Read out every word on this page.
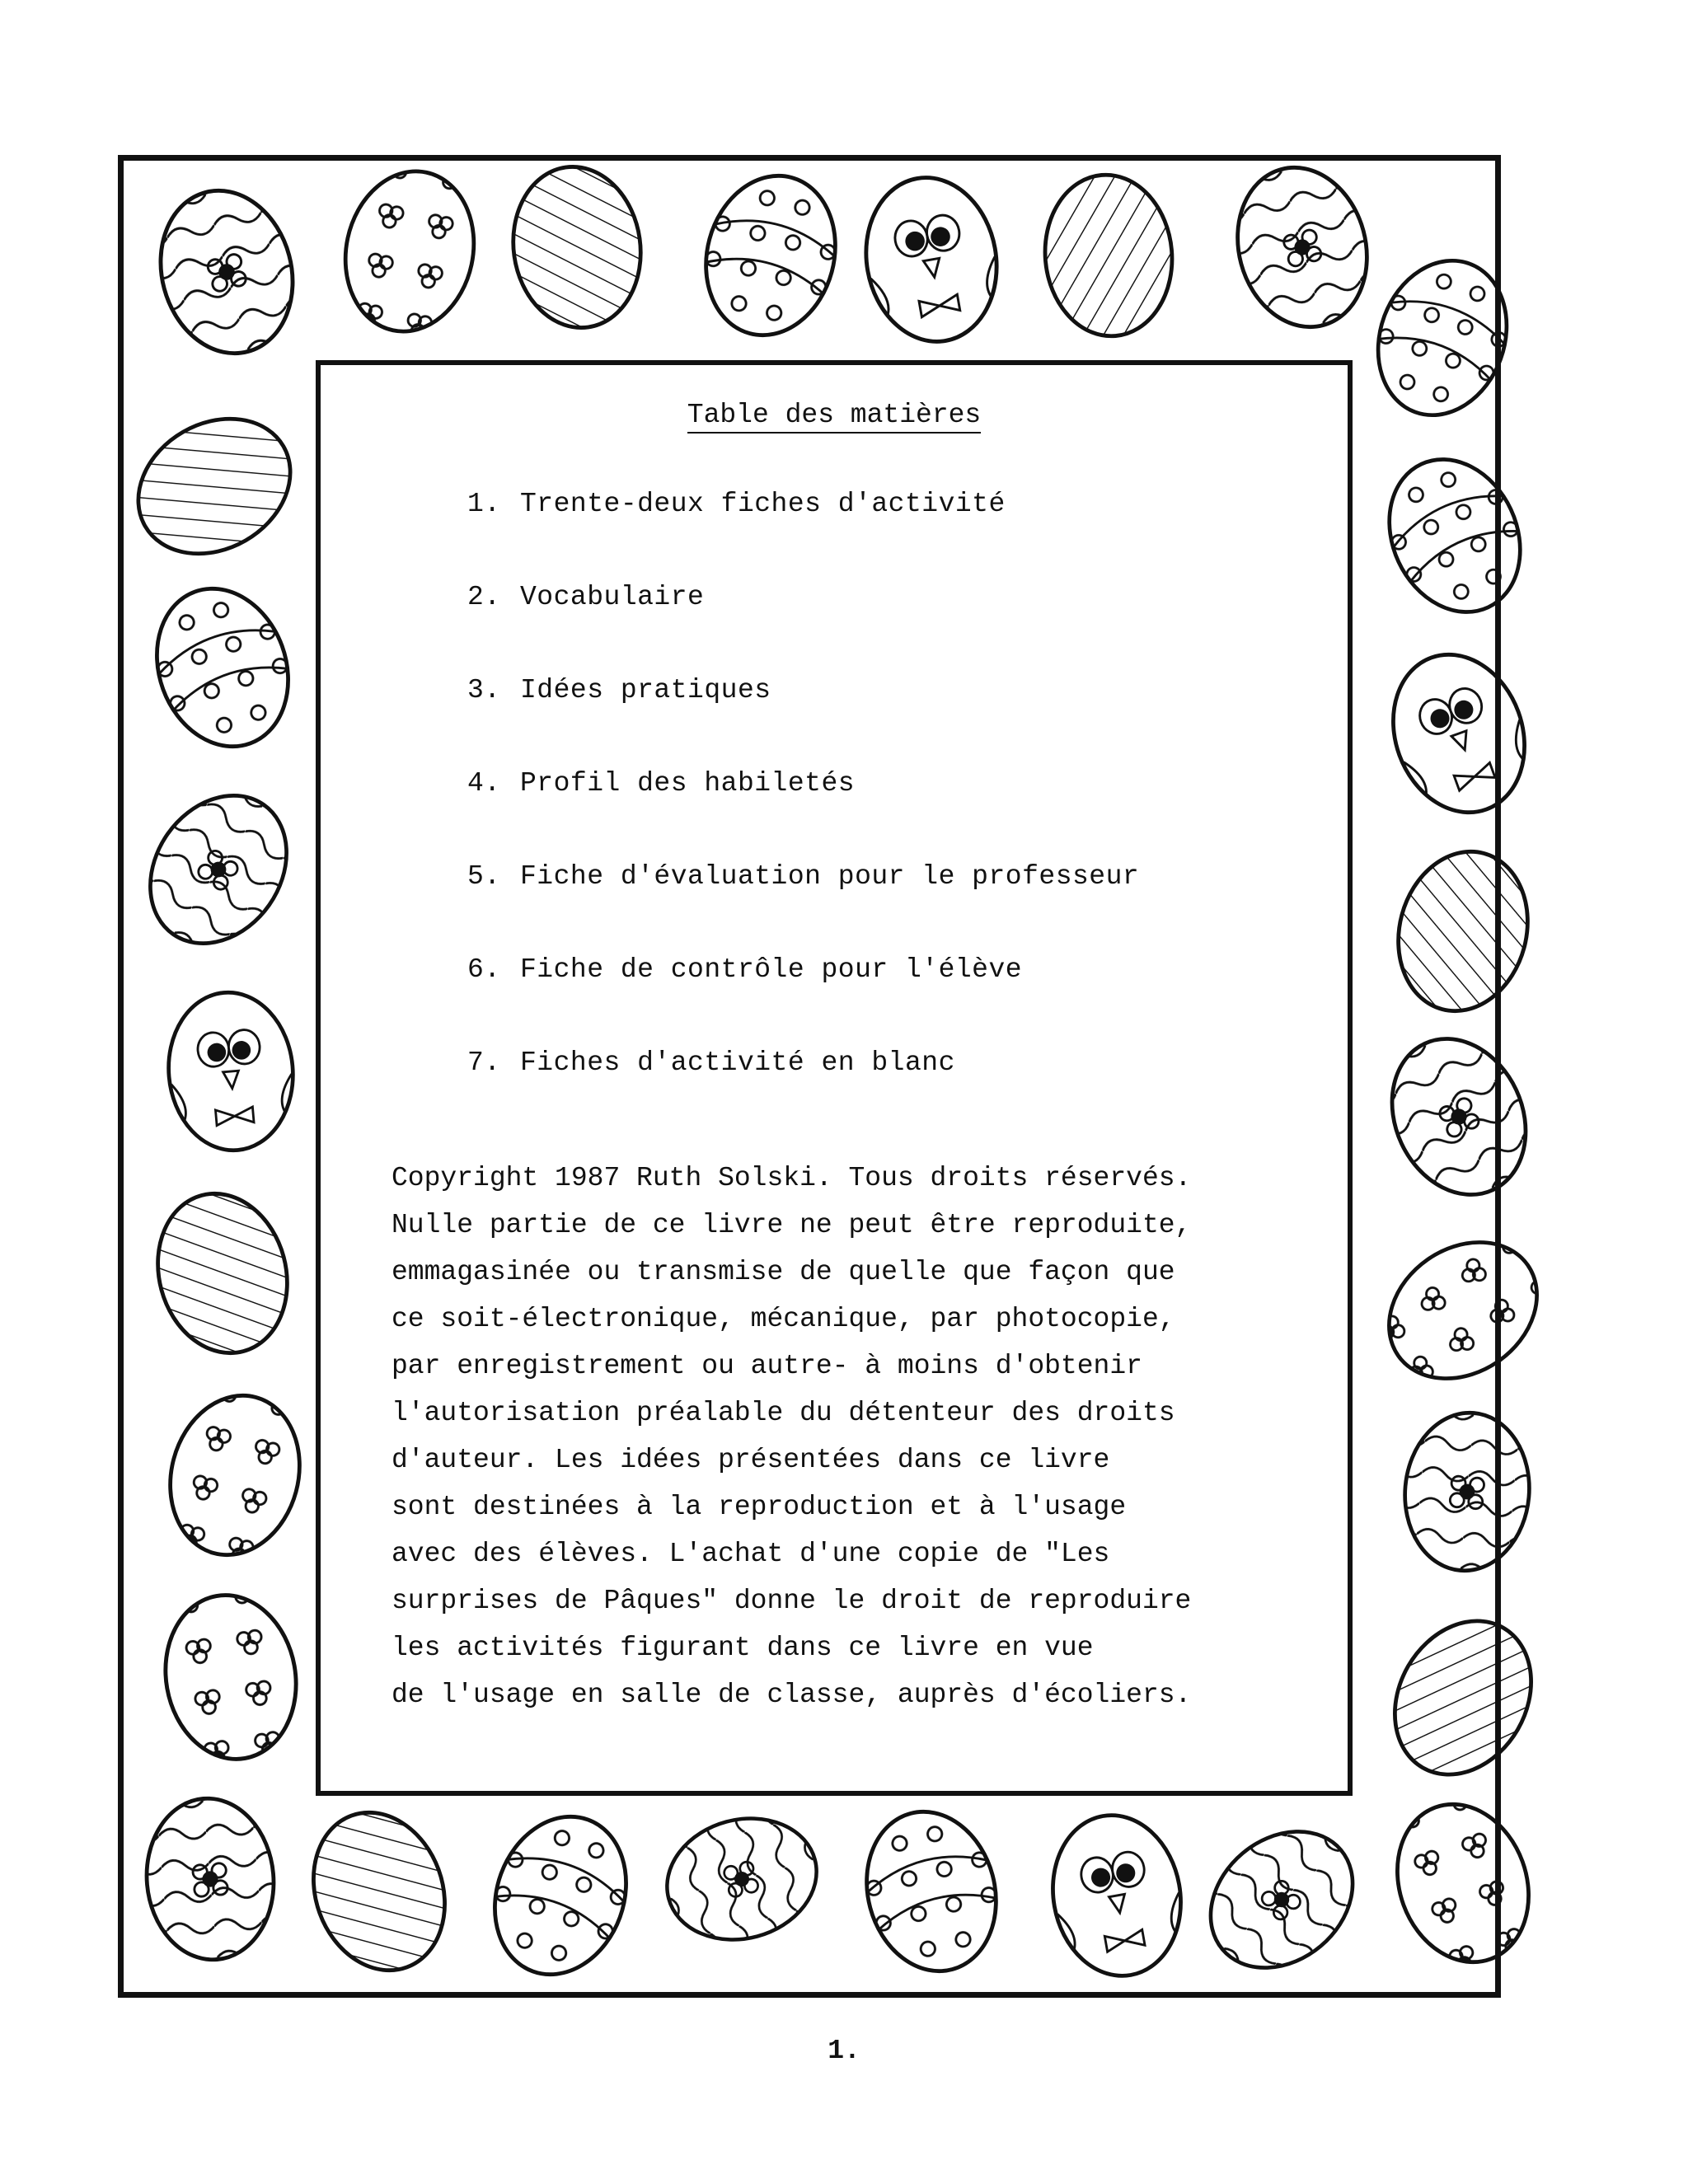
Table des matières
1. Trente-deux fiches d'activité
2. Vocabulaire
3. Idées pratiques
4. Profil des habiletés
5. Fiche d'évaluation pour le professeur
6. Fiche de contrôle pour l'élève
7. Fiches d'activité en blanc

Copyright 1987 Ruth Solski. Tous droits réservés.
Nulle partie de ce livre ne peut être reproduite,
emmagasinée ou transmise de quelle que façon que
ce soit-électronique, mécanique, par photocopie,
par enregistrement ou autre- à moins d'obtenir
l'autorisation préalable du détenteur des droits
d'auteur. Les idées présentées dans ce livre
sont destinées à la reproduction et à l'usage
avec des élèves. L'achat d'une copie de "Les
surprises de Pâques" donne le droit de reproduire
les activités figurant dans ce livre en vue
de l'usage en salle de classe, auprès d'écoliers.

1.
